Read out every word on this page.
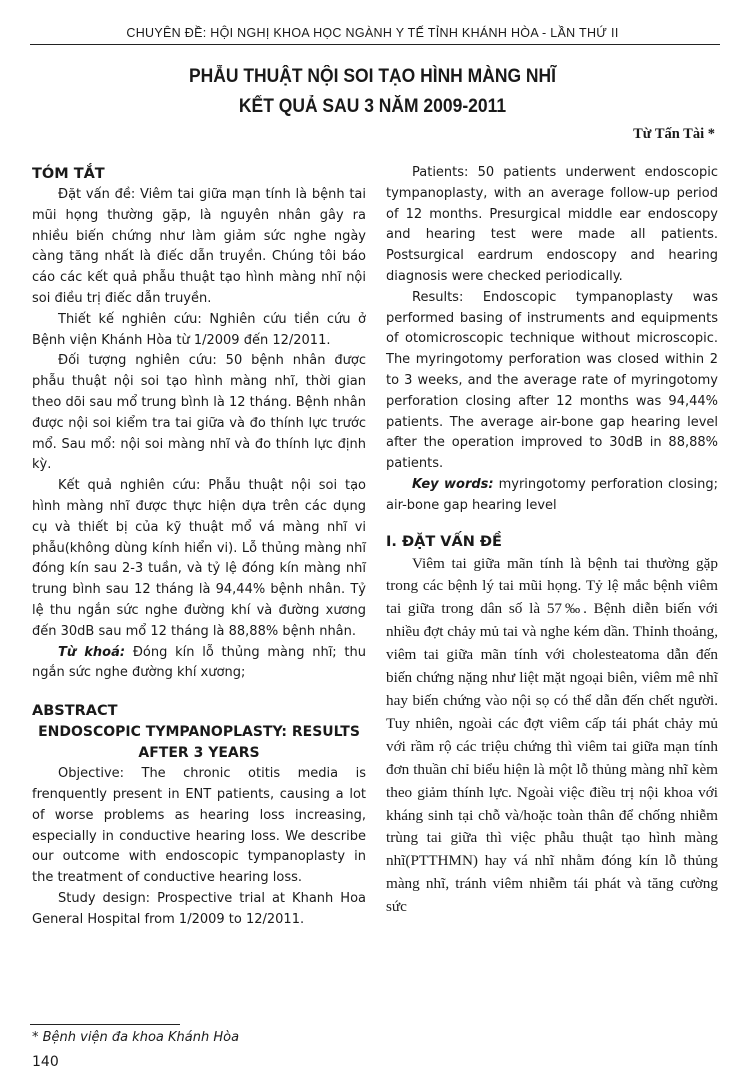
CHUYÊN ĐỀ: HỘI NGHỊ KHOA HỌC NGÀNH Y TẾ TỈNH KHÁNH HÒA - LẦN THỨ II
PHẪU THUẬT NỘI SOI TẠO HÌNH MÀNG NHĨ
KẾT QUẢ SAU 3 NĂM 2009-2011
Từ Tấn Tài *

TÓM TẮT

Đặt vấn đề: Viêm tai giữa mạn tính là bệnh tai mũi họng thường gặp, là nguyên nhân gây ra nhiều biến chứng như làm giảm sức nghe ngày càng tăng nhất là điếc dẫn truyền. Chúng tôi báo cáo các kết quả phẫu thuật tạo hình màng nhĩ nội soi điều trị điếc dẫn truyền.

Thiết kế nghiên cứu: Nghiên cứu tiền cứu ở Bệnh viện Khánh Hòa từ 1/2009 đến 12/2011.

Đối tượng nghiên cứu: 50 bệnh nhân được phẫu thuật nội soi tạo hình màng nhĩ, thời gian theo dõi sau mổ trung bình là 12 tháng. Bệnh nhân được nội soi kiểm tra tai giữa và đo thính lực trước mổ. Sau mổ: nội soi màng nhĩ và đo thính lực định kỳ.

Kết quả nghiên cứu: Phẫu thuật nội soi tạo hình màng nhĩ được thực hiện dựa trên các dụng cụ và thiết bị của kỹ thuật mổ vá màng nhĩ vi phẫu(không dùng kính hiển vi). Lỗ thủng màng nhĩ đóng kín sau 2-3 tuần, và tỷ lệ đóng kín màng nhĩ trung bình sau 12 tháng là 94,44% bệnh nhân. Tỷ lệ thu ngắn sức nghe đường khí và đường xương đến 30dB sau mổ 12 tháng là 88,88% bệnh nhân.

Từ khoá: Đóng kín lỗ thủng màng nhĩ; thu ngắn sức nghe đường khí xương;

ABSTRACT

ENDOSCOPIC TYMPANOPLASTY: RESULTS

AFTER 3 YEARS

Objective: The chronic otitis media is frenquently present in ENT patients, causing a lot of worse problems as hearing loss increasing, especially in conductive hearing loss. We describe our outcome with endoscopic tympanoplasty in the treatment of conductive hearing loss.

Study design: Prospective trial at Khanh Hoa General Hospital from 1/2009 to 12/2011.

Patients: 50 patients underwent endoscopic tympanoplasty, with an average follow-up period of 12 months. Presurgical middle ear endoscopy and hearing test were made all patients. Postsurgical eardrum endoscopy and hearing diagnosis were checked periodically.

Results: Endoscopic tympanoplasty was performed basing of instruments and equipments of otomicroscopic technique without microscopic. The myringotomy perforation was closed within 2 to 3 weeks, and the average rate of myringotomy perforation closing after 12 months was 94,44% patients. The average air-bone gap hearing level after the operation improved to 30dB in 88,88% patients.

Key words: myringotomy perforation closing; air-bone gap hearing level

I. ĐẶT VẤN ĐỀ

Viêm tai giữa mãn tính là bệnh tai thường gặp trong các bệnh lý tai mũi họng. Tỷ lệ mắc bệnh viêm tai giữa trong dân số là 57‰. Bệnh diễn biến với nhiều đợt chảy mủ tai và nghe kém dần. Thỉnh thoảng, viêm tai giữa mãn tính với cholesteatoma dẫn đến biến chứng nặng như liệt mặt ngoại biên, viêm mê nhĩ hay biến chứng vào nội sọ có thể dẫn đến chết người. Tuy nhiên, ngoài các đợt viêm cấp tái phát chảy mủ với rầm rộ các triệu chứng thì viêm tai giữa mạn tính đơn thuần chỉ biểu hiện là một lỗ thủng màng nhĩ kèm theo giảm thính lực. Ngoài việc điều trị nội khoa với kháng sinh tại chỗ và/hoặc toàn thân để chống nhiễm trùng tai giữa thì việc phẫu thuật tạo hình màng nhĩ(PTTHMN) hay vá nhĩ nhằm đóng kín lỗ thủng màng nhĩ, tránh viêm nhiễm tái phát và tăng cường sức

* Bệnh viện đa khoa Khánh Hòa
140
